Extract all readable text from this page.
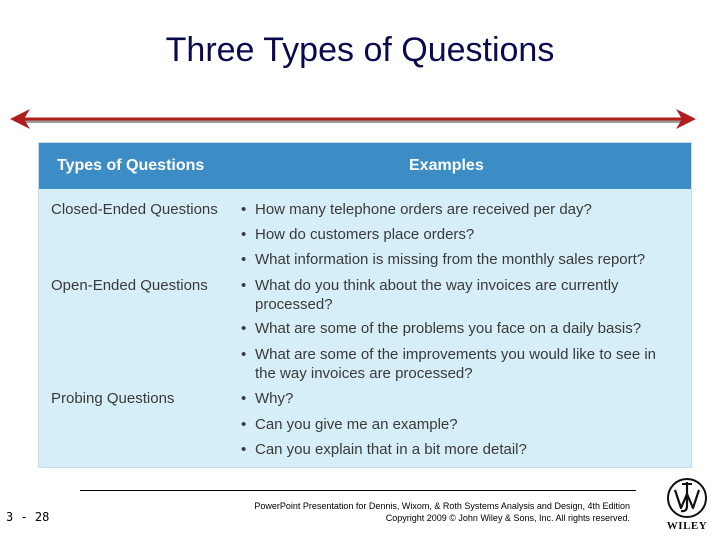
Three Types of Questions
Types of Questions	Examples
Closed-Ended Questions • How many telephone orders are received per day?
• How do customers place orders?
• What information is missing from the monthly sales report?
Open-Ended Questions • What do you think about the way invoices are currently processed?
• What are some of the problems you face on a daily basis?
• What are some of the improvements you would like to see in the way invoices are processed?
Probing Questions	• Why?
• Can you give me an example?
• Can you explain that in a bit more detail?
3 - 28
PowerPoint Presentation for Dennis, Wixom, & Roth Systems Analysis and Design, 4th Edition
Copyright 2009 © John Wiley & Sons, Inc. All rights reserved.
WILEY
